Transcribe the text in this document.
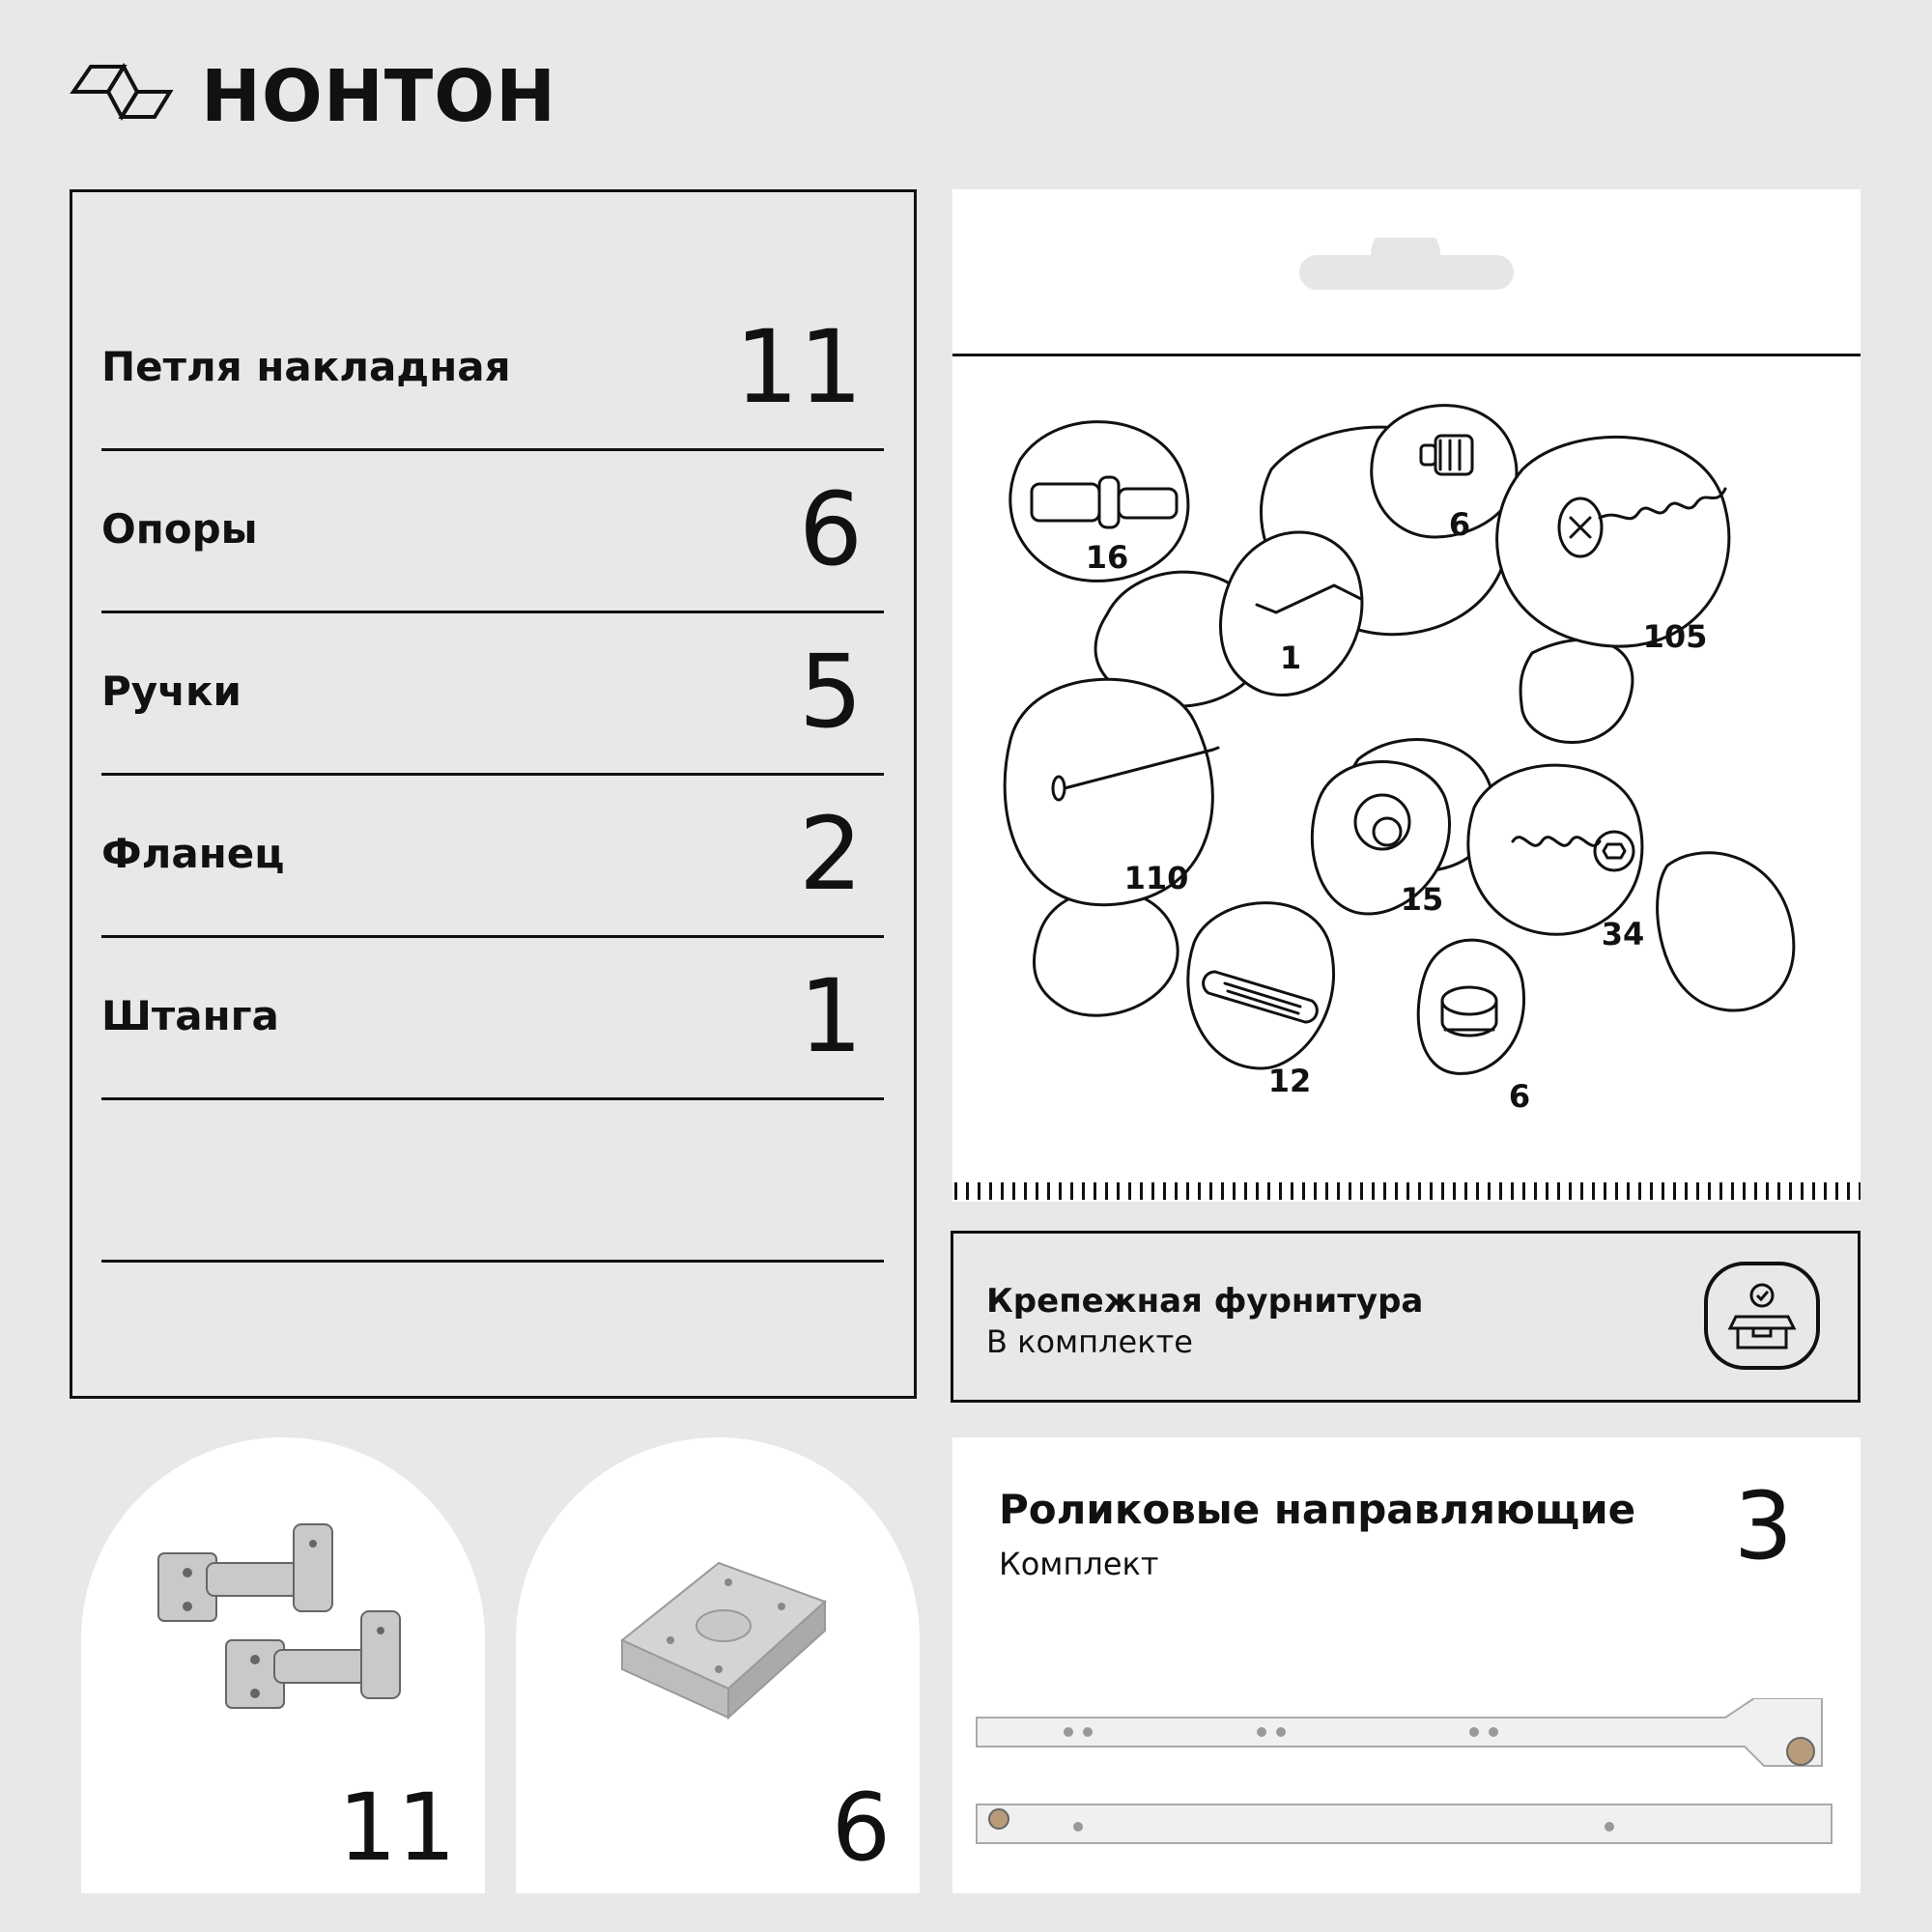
НОНТОН
Петля накладная 11
Опоры	6
Ручки	5
Фланец	2
Штанга	1
16
1
6
105
110
15
34
12	6
Крепежная фурнитура
В комплекте
11	6
Роликовые направляющие
Комплект	3
